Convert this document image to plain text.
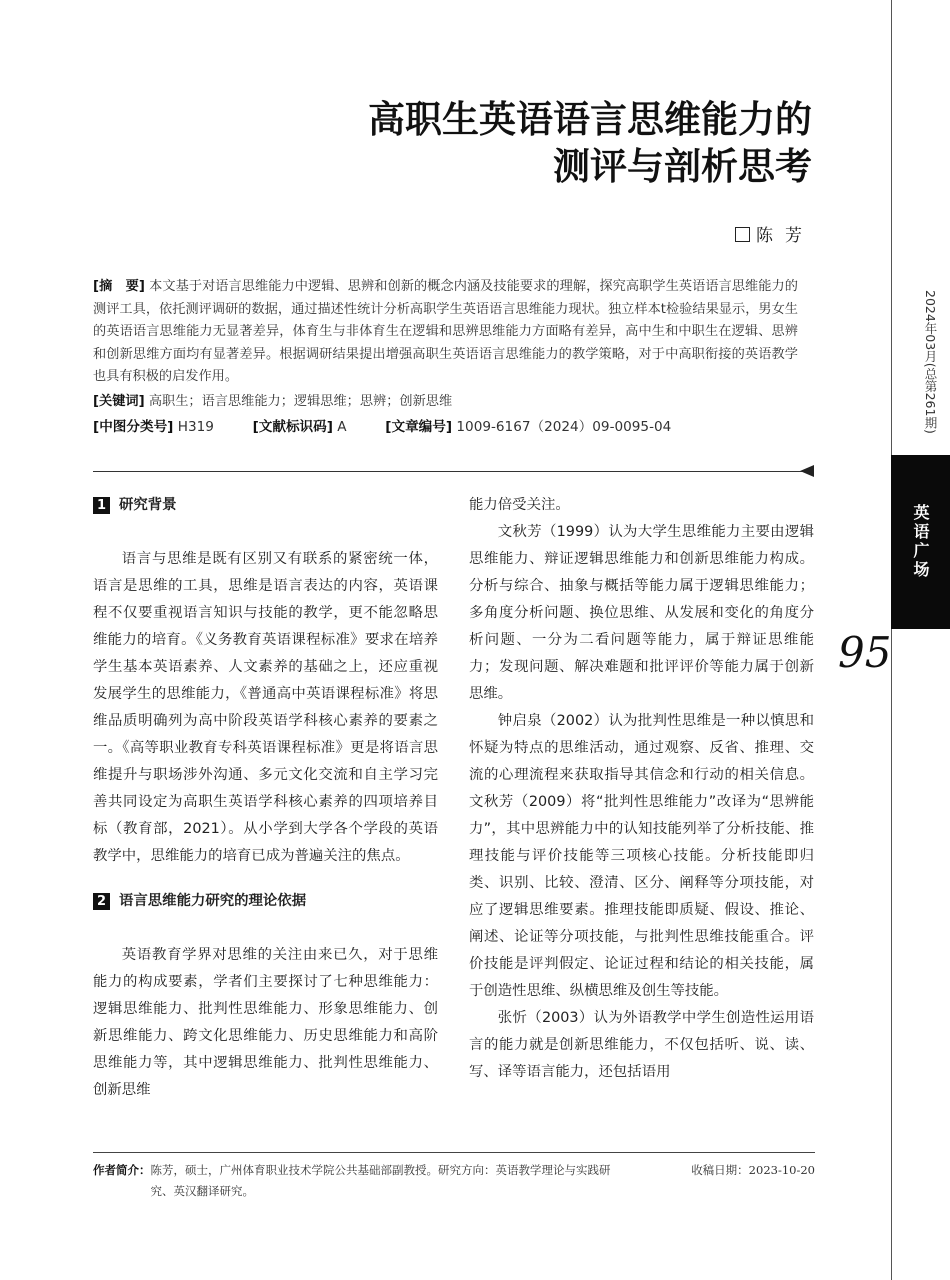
高职生英语语言思维能力的
测评与剖析思考
陈芳
[摘　要] 本文基于对语言思维能力中逻辑、思辨和创新的概念内涵及技能要求的理解，探究高职学生英语语言思维能力的测评工具，依托测评调研的数据，通过描述性统计分析高职学生英语语言思维能力现状。独立样本t检验结果显示，男女生的英语语言思维能力无显著差异，体育生与非体育生在逻辑和思辨思维能力方面略有差异，高中生和中职生在逻辑、思辨和创新思维方面均有显著差异。根据调研结果提出增强高职生英语语言思维能力的教学策略，对于中高职衔接的英语教学也具有积极的启发作用。
[关键词] 高职生；语言思维能力；逻辑思维；思辨；创新思维
[中图分类号] H319	[文献标识码] A	[文章编号] 1009-6167（2024）09-0095-04
1 研究背景

语言与思维是既有区别又有联系的紧密统一体，语言是思维的工具，思维是语言表达的内容，英语课程不仅要重视语言知识与技能的教学，更不能忽略思维能力的培育。《义务教育英语课程标准》要求在培养学生基本英语素养、人文素养的基础之上，还应重视发展学生的思维能力，《普通高中英语课程标准》将思维品质明确列为高中阶段英语学科核心素养的要素之一。《高等职业教育专科英语课程标准》更是将语言思维提升与职场涉外沟通、多元文化交流和自主学习完善共同设定为高职生英语学科核心素养的四项培养目标（教育部，2021）。从小学到大学各个学段的英语教学中，思维能力的培育已成为普遍关注的焦点。

2 语言思维能力研究的理论依据

英语教育学界对思维的关注由来已久，对于思维能力的构成要素，学者们主要探讨了七种思维能力：逻辑思维能力、批判性思维能力、形象思维能力、创新思维能力、跨文化思维能力、历史思维能力和高阶思维能力等，其中逻辑思维能力、批判性思维能力、创新思维

能力倍受关注。

文秋芳（1999）认为大学生思维能力主要由逻辑思维能力、辩证逻辑思维能力和创新思维能力构成。分析与综合、抽象与概括等能力属于逻辑思维能力；多角度分析问题、换位思维、从发展和变化的角度分析问题、一分为二看问题等能力，属于辩证思维能力；发现问题、解决难题和批评评价等能力属于创新思维。

钟启泉（2002）认为批判性思维是一种以慎思和怀疑为特点的思维活动，通过观察、反省、推理、交流的心理流程来获取指导其信念和行动的相关信息。文秋芳（2009）将“批判性思维能力”改译为“思辨能力”，其中思辨能力中的认知技能列举了分析技能、推理技能与评价技能等三项核心技能。分析技能即归类、识别、比较、澄清、区分、阐释等分项技能，对应了逻辑思维要素。推理技能即质疑、假设、推论、阐述、论证等分项技能，与批判性思维技能重合。评价技能是评判假定、论证过程和结论的相关技能，属于创造性思维、纵横思维及创生等技能。

张忻（2003）认为外语教学中学生创造性运用语言的能力就是创新思维能力，不仅包括听、说、读、写、译等语言能力，还包括语用

作者简介：陈芳，硕士，广州体育职业技术学院公共基础部副教授。研究方向：英语教学理论与实践研究、英汉翻译研究。
收稿日期：2023-10-20
2024年03月(总第261期)
英语广场
95
